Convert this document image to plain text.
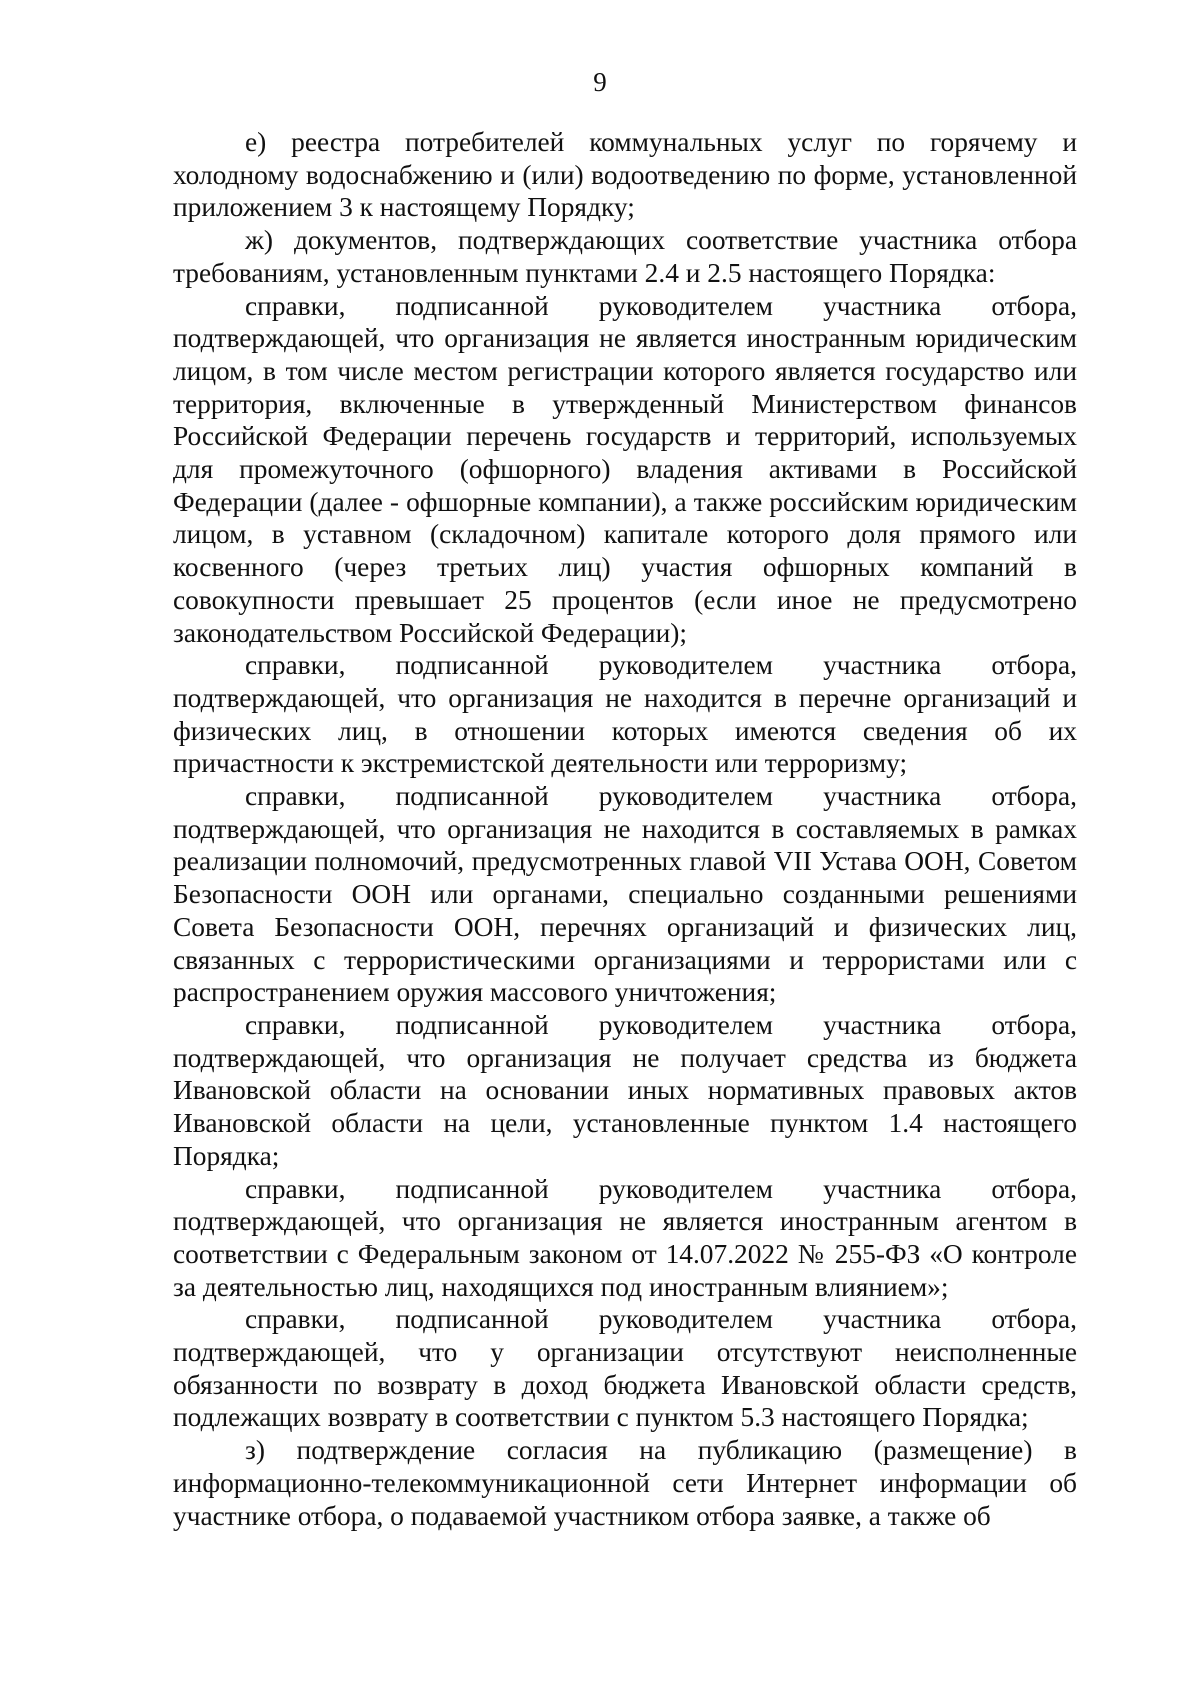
9

е) реестра потребителей коммунальных услуг по горячему и холодному водоснабжению и (или) водоотведению по форме, установленной приложением 3 к настоящему Порядку;

ж) документов, подтверждающих соответствие участника отбора требованиям, установленным пунктами 2.4 и 2.5 настоящего Порядка:

справки, подписанной руководителем участника отбора, подтверждающей, что организация не является иностранным юридическим лицом, в том числе местом регистрации которого является государство или территория, включенные в утвержденный Министерством финансов Российской Федерации перечень государств и территорий, используемых для промежуточного (офшорного) владения активами в Российской Федерации (далее - офшорные компании), а также российским юридическим лицом, в уставном (складочном) капитале которого доля прямого или косвенного (через третьих лиц) участия офшорных компаний в совокупности превышает 25 процентов (если иное не предусмотрено законодательством Российской Федерации);

справки, подписанной руководителем участника отбора, подтверждающей, что организация не находится в перечне организаций и физических лиц, в отношении которых имеются сведения об их причастности к экстремистской деятельности или терроризму;

справки, подписанной руководителем участника отбора, подтверждающей, что организация не находится в составляемых в рамках реализации полномочий, предусмотренных главой VII Устава ООН, Советом Безопасности ООН или органами, специально созданными решениями Совета Безопасности ООН, перечнях организаций и физических лиц, связанных с террористическими организациями и террористами или с распространением оружия массового уничтожения;

справки, подписанной руководителем участника отбора, подтверждающей, что организация не получает средства из бюджета Ивановской области на основании иных нормативных правовых актов Ивановской области на цели, установленные пунктом 1.4 настоящего Порядка;

справки, подписанной руководителем участника отбора, подтверждающей, что организация не является иностранным агентом в соответствии с Федеральным законом от 14.07.2022 № 255-ФЗ «О контроле за деятельностью лиц, находящихся под иностранным влиянием»;

справки, подписанной руководителем участника отбора, подтверждающей, что у организации отсутствуют неисполненные обязанности по возврату в доход бюджета Ивановской области средств, подлежащих возврату в соответствии с пунктом 5.3 настоящего Порядка;

з) подтверждение согласия на публикацию (размещение) в информационно-телекоммуникационной сети Интернет информации об участнике отбора, о подаваемой участником отбора заявке, а также об
